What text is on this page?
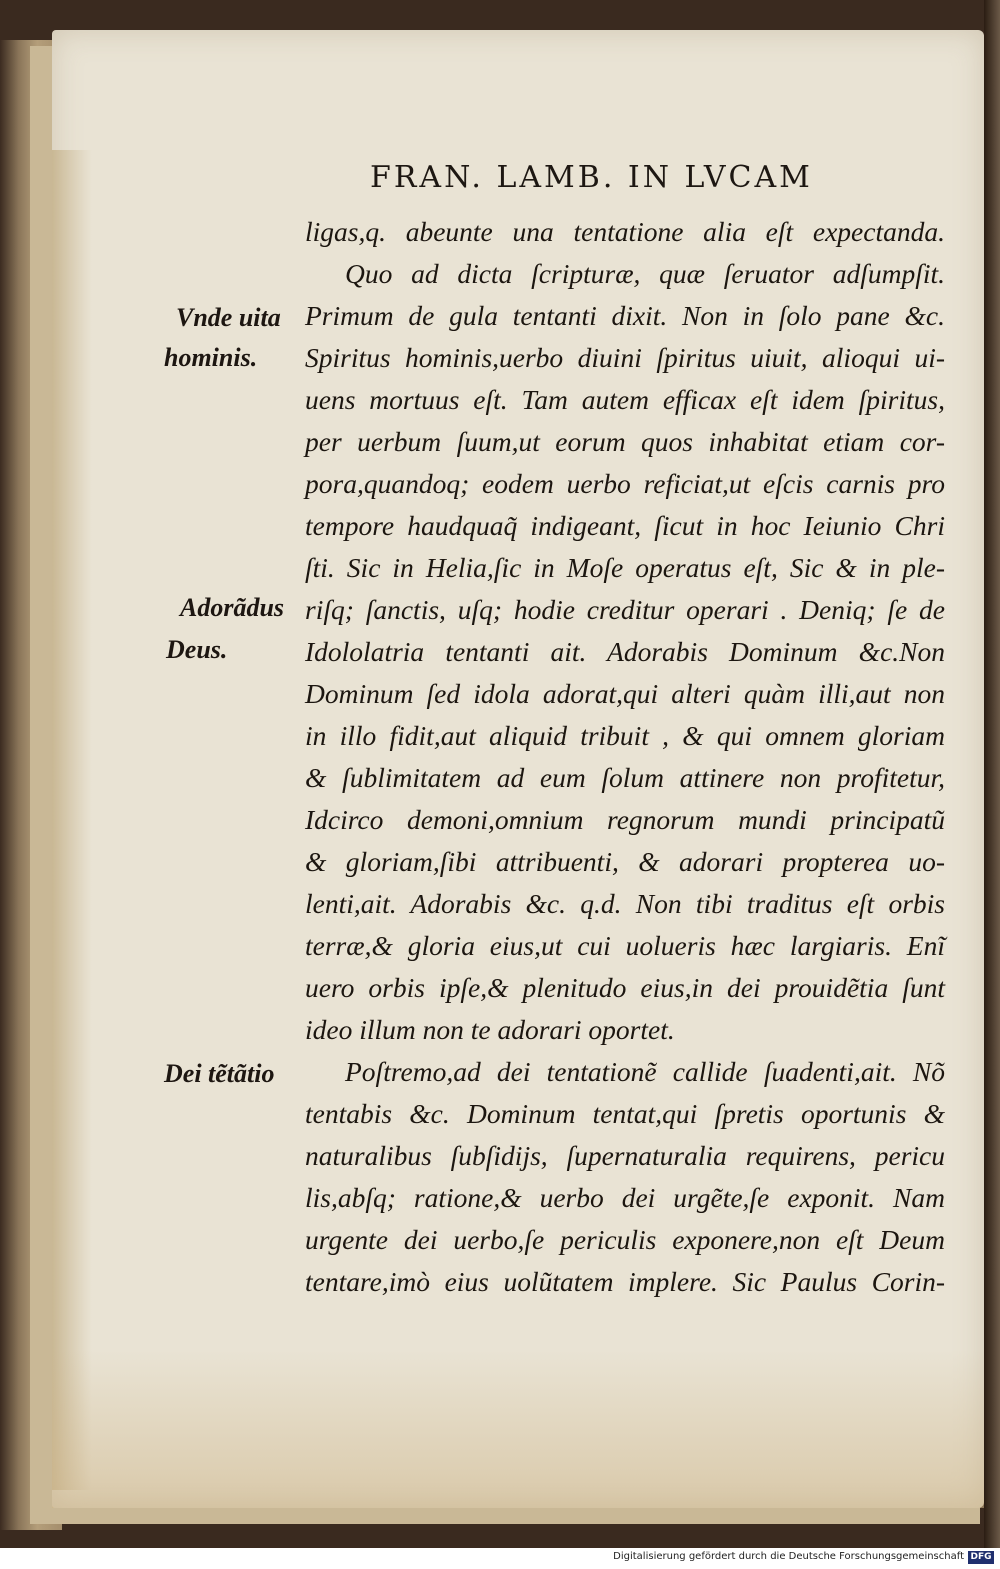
FRAN. LAMB. IN LVCAM
ligas,q. abeunte una tentatione alia eſt expectanda.
Quo ad dicta ſcripturæ, quæ ſeruator adſumpſit.
Primum de gula tentanti dixit. Non in ſolo pane &c.
Spiritus hominis,uerbo diuini ſpiritus uiuit, alioqui ui-
uens mortuus eſt. Tam autem efficax eſt idem ſpiritus,
per uerbum ſuum,ut eorum quos inhabitat etiam cor-
pora,quandoq; eodem uerbo reficiat,ut eſcis carnis pro
tempore haudquaq̃ indigeant, ſicut in hoc Ieiunio Chri
ſti. Sic in Helia,ſic in Moſe operatus eſt, Sic & in ple-
riſq; ſanctis, uſq; hodie creditur operari . Deniq; ſe de
Idololatria tentanti ait. Adorabis Dominum &c.Non
Dominum ſed idola adorat,qui alteri quàm illi,aut non
in illo fidit,aut aliquid tribuit , & qui omnem gloriam
& ſublimitatem ad eum ſolum attinere non profitetur,
Idcirco demoni,omnium regnorum mundi principatũ
& gloriam,ſibi attribuenti, & adorari propterea uo-
lenti,ait. Adorabis &c. q.d. Non tibi traditus eſt orbis
terræ,& gloria eius,ut cui uolueris hæc largiaris. Enĩ
uero orbis ipſe,& plenitudo eius,in dei prouidẽtia ſunt
ideo illum non te adorari oportet.
Poſtremo,ad dei tentationẽ callide ſuadenti,ait. Nõ
tentabis &c. Dominum tentat,qui ſpretis oportunis &
naturalibus ſubſidijs, ſupernaturalia requirens, pericu
lis,abſq; ratione,& uerbo dei urgẽte,ſe exponit. Nam
urgente dei uerbo,ſe periculis exponere,non eſt Deum
tentare,imò eius uolũtatem implere. Sic Paulus Corin-
Vnde uita
hominis.
Adorãdus
Deus.
Dei tẽtãtio
Digitalisierung gefördert durch die Deutsche Forschungsgemeinschaft DFG
